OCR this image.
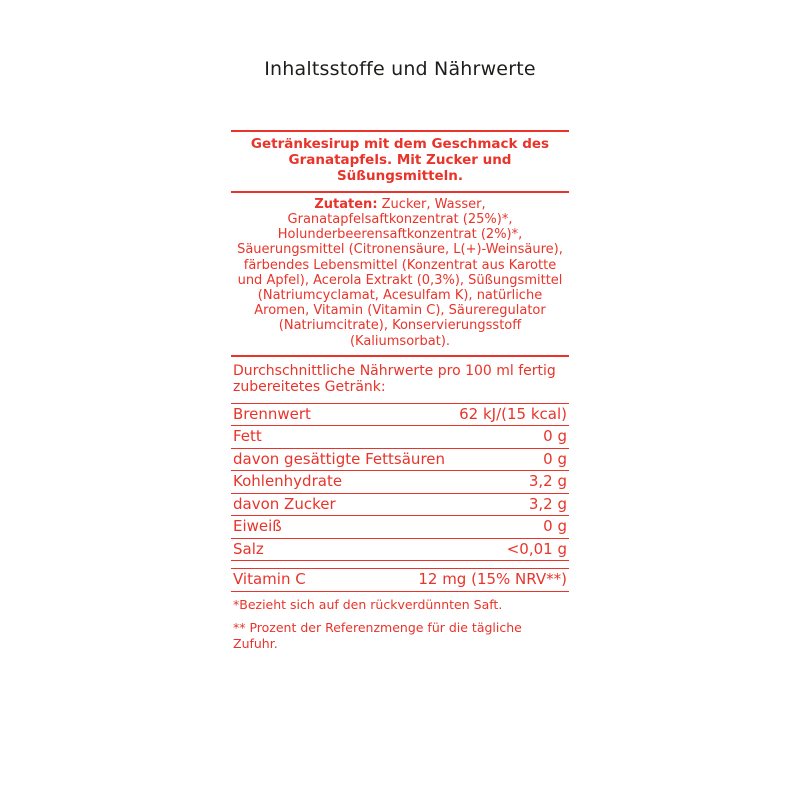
Inhaltsstoffe und Nährwerte
Getränkesirup mit dem Geschmack des Granatapfels. Mit Zucker und Süßungsmitteln.
Zutaten: Zucker, Wasser, Granatapfelsaftkonzentrat (25%)*, Holunderbeerensaftkonzentrat (2%)*, Säuerungsmittel (Citronensäure, L(+)-Weinsäure), färbendes Lebensmittel (Konzentrat aus Karotte und Apfel), Acerola Extrakt (0,3%), Süßungsmittel (Natriumcyclamat, Acesulfam K), natürliche Aromen, Vitamin (Vitamin C), Säureregulator (Natriumcitrate), Konservierungsstoff (Kaliumsorbat).
Durchschnittliche Nährwerte pro 100 ml fertig zubereitetes Getränk:
Brennwert	62 kJ/(15 kcal)
Fett	0 g
davon gesättigte Fettsäuren	0 g
Kohlenhydrate	3,2 g
davon Zucker	3,2 g
Eiweiß	0 g
Salz	<0,01 g
Vitamin C	12 mg (15% NRV**)
*Bezieht sich auf den rückverdünnten Saft.
** Prozent der Referenzmenge für die tägliche Zufuhr.
